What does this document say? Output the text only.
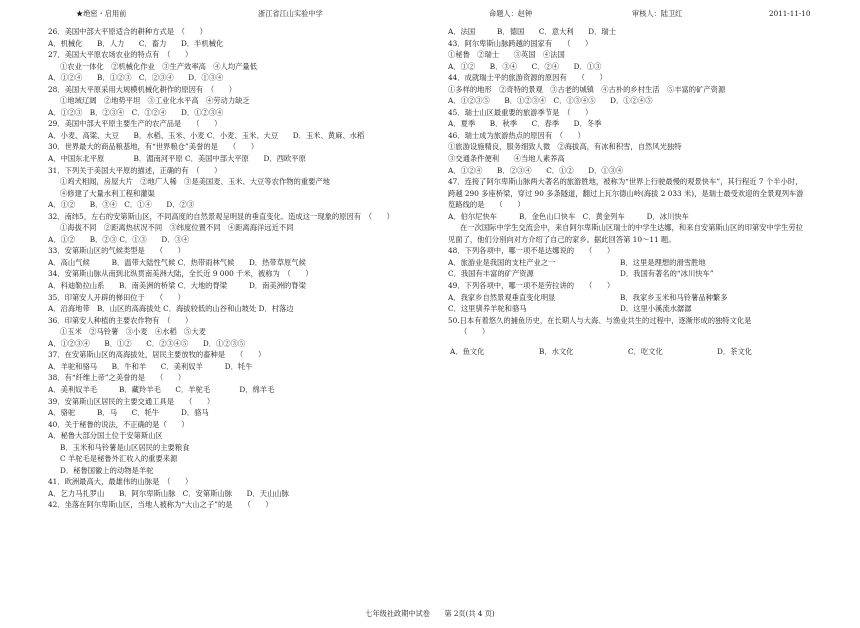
★绝密・启用前	浙江省江山实验中学	命题人：赵钟	审核人：陆卫红	2011-11-10
26．美国中部大平原适合的耕种方式是　（　　）
A．机械化　　B．人力　　C．畜力　　D．半机械化
27．美国大平原农场农业的特点有　（　　）
①农业一体化　②机械化作业　③生产效率高　④人均产量低
A．①②④　　B．①②③　C．②③④　　D．①③④
28．美国大平原采用大规模机械化耕作的原因有　（　　）
①地域辽阔　②地势平坦　③工业化水平高　④劳动力缺乏
A．①②③　B．②③④　C．①②④　　D．①②③④
29．美国中部大平原主要生产的农产品是　　（　　）
A．小麦、高粱、大豆　　B．水稻、玉米、小麦 C．小麦、玉米、大豆　　D．玉米、黄麻、水稻
30．世界最大的商品粮基地，有“世界粮仓”美誉的是　　（　　）
A．中国东北平原　　　　B．湄南河平原 C．美国中部大平原　　D．西欧平原
31．下列关于美国大平原的描述，正确的有　（　　）
①鸡犬相闻，房屋大片　②地广人稀　③是美国麦、玉米、大豆等农作物的重要产地
④修建了大量水利工程和灌渠
A．①②　　B．③④　C．①④　　D．②③
32．南纬5，左右的安第斯山区，不同高度的自然景观呈明显的垂直变化。造成这一现象的原因有　（　　）
①海拔不同　②距离热状况不同　③纬度位置不同　④距离海洋远近不同
A．①②　　B．②③ C．①③　　D．③④
33．安第斯山区的气候类型是　　（　　）
A．高山气候　　　B．温带大陆性气候 C．热带雨林气候　　D．热带草原气候
34．安第斯山脉从南到北纵贯南美洲大陆，全长近 9 000 千米，被称为　（　　）
A．科迪勒拉山系　　B．南美洲的桥梁 C．大地的脊梁　　　D．南美洲的脊梁
35．印第安人开辟的梯田位于　　（　　）
A．沿海地带　B．山区的高海拔处 C．海拔较低的山谷和山坡处 D．村落边
36．印第安人种植的主要农作物有　（　　）
①玉米　②马铃薯　③小麦　④水稻　⑤大麦
A．①②③④　　B．①②　　C．②③④⑤　　D．①②③⑤
37．在安第斯山区的高海拔处，居民主要放牧的畜种是　　（　　）
A．羊驼和骆马　　B．牛和羊　　C．美利奴羊　　　D．牦牛
38．有“纤维上帝”之美誉的是　　（　　）
A．美利奴羊毛　　　B．藏羚羊毛　　C．羊驼毛　　　　D．绵羊毛
39．安第斯山区居民的主要交通工具是　　（　　）
A．骆驼　　　B．马　　C．牦牛　　　D．骆马
40．关于秘鲁的说法，不正确的是（　　）
A．秘鲁大部分国土位于安第斯山区
B．玉米和马铃薯是山区居民的主要粮食
C 羊驼毛是秘鲁外汇收入的重要来源
D．秘鲁国徽上的动物是羊驼
41．欧洲最高大，最雄伟的山脉是　（　　）
A．乞力马扎罗山　　B．阿尔卑斯山脉　C．安第斯山脉　　D．天山山脉
42．坐落在阿尔卑斯山区，当地人被称为“大山之子”的是　　（　　）
A．法国　　　B．德国　　C．意大利　　D．瑞士
43．阿尔卑斯山脉跨越的国家有　　（　　）
①秘鲁　②瑞士　　③英国　④法国
A．①②　　B．③④　　C．②④　　D．①③
44．成就瑞士平的旅游资源的原因有　　（　　）
①多样的地形　②奇特的景观　③古老的城镇　④古朴的乡村生活　⑤丰富的矿产资源
A．①②③⑤　　B．①②③④　C．①③④⑤　　D．①②④⑤
45．瑞士山区最重要的旅游季节是　（　　）
A．夏季　　B．秋季　　C．春季　　D．冬季
46．瑞士成为旅游热点的原因有　（　　）
①旅游设施精良，服务细致人微　②海拔高，有冰和积雪，自然风光独特
③交通条件便利　　④当地人素养高
A．①②④　　B．②③④　　C．①②　　D．①③④
47．连接了阿尔卑斯山脉两大著名的旅游胜地，被称为“世界上行驶最慢的观景快车”，其行程近 7 个半小时，跨越 290 多座桥梁，穿过 90 多条隧道，翻过上瓦尔德山岭(海拔 2 033 米)，是瑞士最受欢迎的全景观列车游览路线的是　　（　　）
A．伯尔尼快车　　　B．金色山口快车　C．黄金列车　　　D．冰川快车
在一次国际中学生交流会中，来自阿尔卑斯山区瑞士的中学生达娜，和来自安第斯山区的印第安中学生劳拉见面了，他们分别向对方介绍了自己的家乡。据此回答第 10～11 题。
48．下列各项中，哪一项不是达娜说的　　（　　）
A．旅游业是我国的支柱产业之一	B．这里是理想的滑雪胜地
C．我国有丰富的矿产资源	D．我国有著名的“冰川快车”
49．下列各项中，哪一项不是劳拉讲的　　（　　）
A．我家乡自然景观垂直变化明显	B．我家乡玉米和马铃薯品种繁多
C．这里驯养羊驼和骆马	D．这里小溪流水潺潺
50.日本有着悠久的捕鱼历史，在长期人与大海、与渔业共生的过程中，逐渐形成的独特文化是
（　　）
A．鱼文化	B．水文化	C．吃文化	D．茶文化
七年级社政期中试卷　　第 2页(共 4 页)
